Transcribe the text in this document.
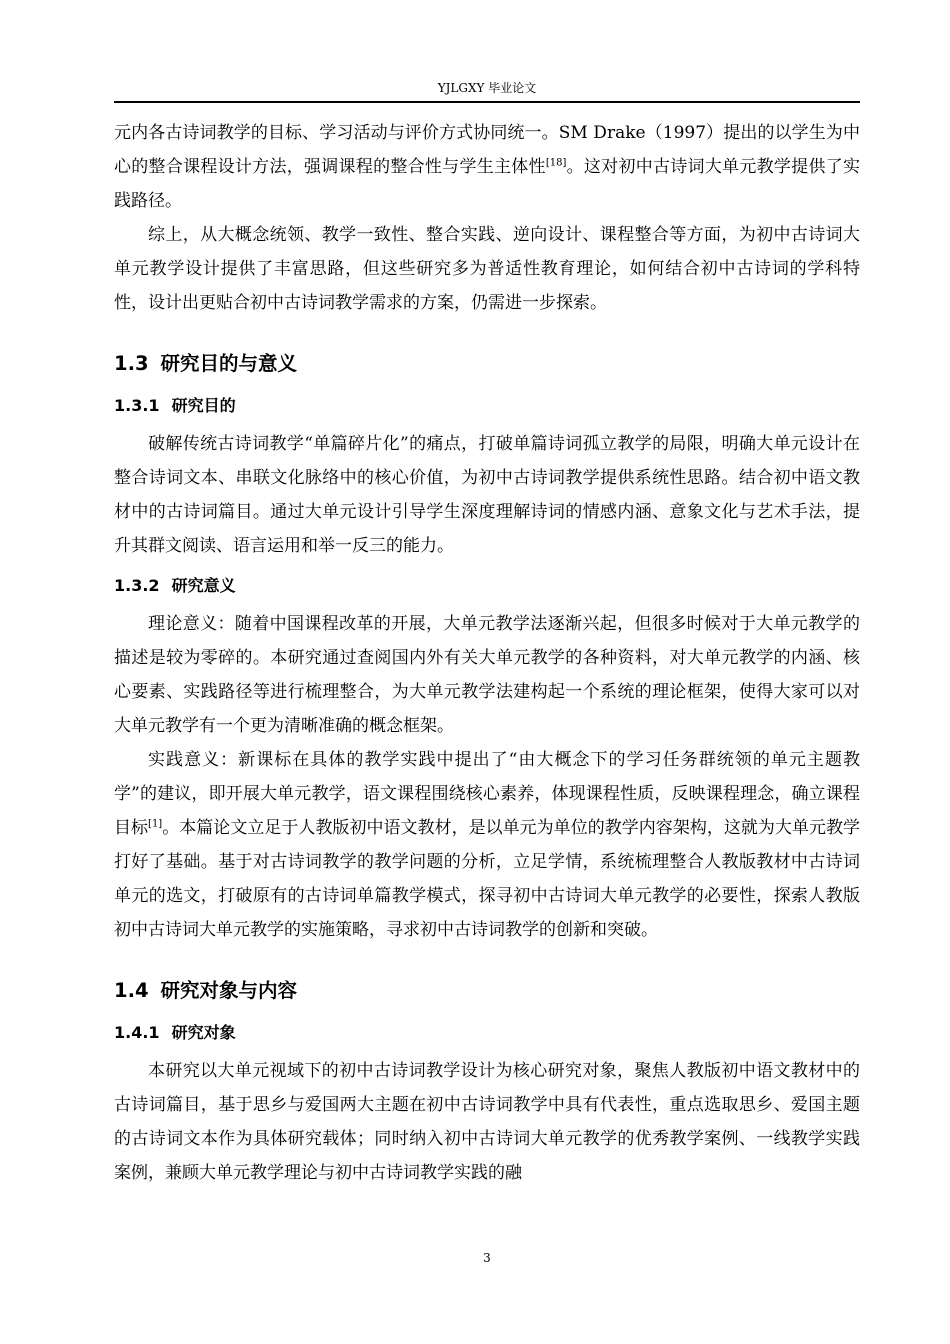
YJLGXY 毕业论文

元内各古诗词教学的目标、学习活动与评价方式协同统一。SM Drake（1997）提出的以学生为中心的整合课程设计方法，强调课程的整合性与学生主体性[18]。这对初中古诗词大单元教学提供了实践路径。

综上，从大概念统领、教学一致性、整合实践、逆向设计、课程整合等方面，为初中古诗词大单元教学设计提供了丰富思路，但这些研究多为普适性教育理论，如何结合初中古诗词的学科特性，设计出更贴合初中古诗词教学需求的方案，仍需进一步探索。

1.3 研究目的与意义
1.3.1 研究目的

破解传统古诗词教学“单篇碎片化”的痛点，打破单篇诗词孤立教学的局限，明确大单元设计在整合诗词文本、串联文化脉络中的核心价值，为初中古诗词教学提供系统性思路。结合初中语文教材中的古诗词篇目。通过大单元设计引导学生深度理解诗词的情感内涵、意象文化与艺术手法，提升其群文阅读、语言运用和举一反三的能力。

1.3.2 研究意义

理论意义：随着中国课程改革的开展，大单元教学法逐渐兴起，但很多时候对于大单元教学的描述是较为零碎的。本研究通过查阅国内外有关大单元教学的各种资料，对大单元教学的内涵、核心要素、实践路径等进行梳理整合，为大单元教学法建构起一个系统的理论框架，使得大家可以对大单元教学有一个更为清晰准确的概念框架。

实践意义：新课标在具体的教学实践中提出了“由大概念下的学习任务群统领的单元主题教学”的建议，即开展大单元教学，语文课程围绕核心素养，体现课程性质，反映课程理念，确立课程目标[1]。本篇论文立足于人教版初中语文教材，是以单元为单位的教学内容架构，这就为大单元教学打好了基础。基于对古诗词教学的教学问题的分析，立足学情，系统梳理整合人教版教材中古诗词单元的选文，打破原有的古诗词单篇教学模式，探寻初中古诗词大单元教学的必要性，探索人教版初中古诗词大单元教学的实施策略，寻求初中古诗词教学的创新和突破。

1.4 研究对象与内容
1.4.1 研究对象

本研究以大单元视域下的初中古诗词教学设计为核心研究对象，聚焦人教版初中语文教材中的古诗词篇目，基于思乡与爱国两大主题在初中古诗词教学中具有代表性，重点选取思乡、爱国主题的古诗词文本作为具体研究载体；同时纳入初中古诗词大单元教学的优秀教学案例、一线教学实践案例，兼顾大单元教学理论与初中古诗词教学实践的融

3
